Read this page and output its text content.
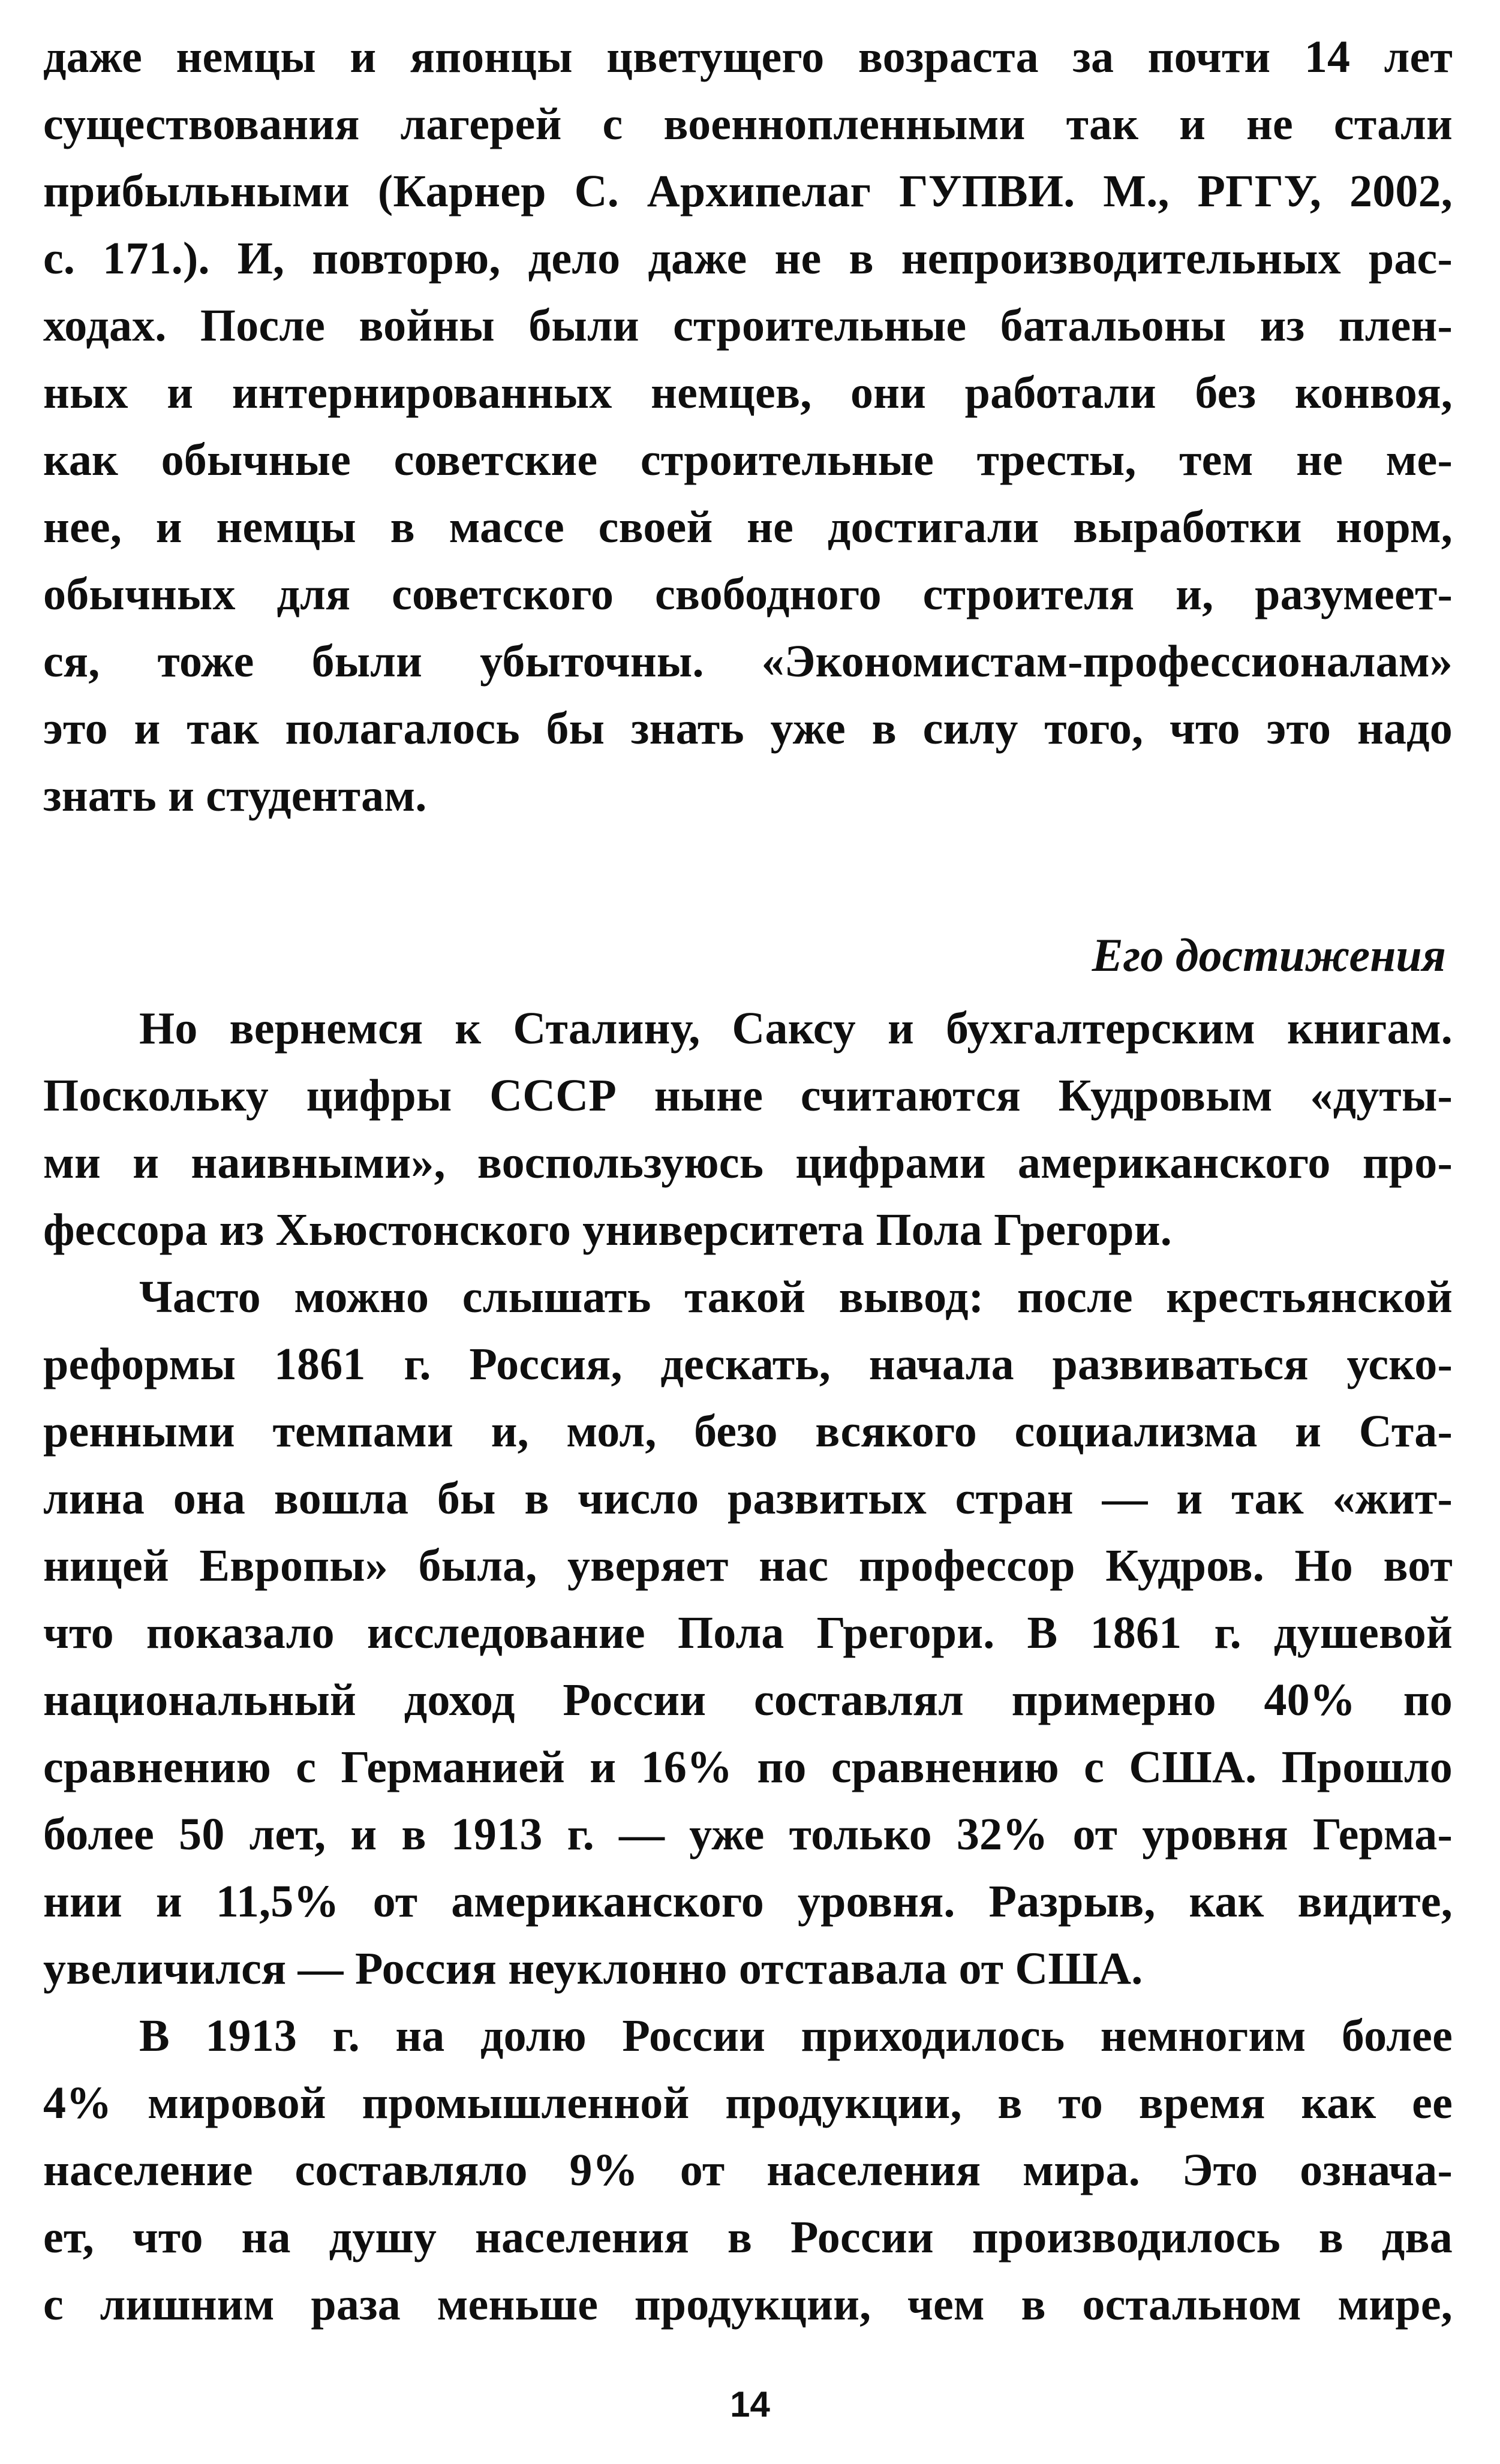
даже немцы и японцы цветущего возраста за почти 14 лет
существования лагерей с военнопленными так и не стали
прибыльными (Карнер С. Архипелаг ГУПВИ. М., РГГУ, 2002,
с. 171.). И, повторю, дело даже не в непроизводительных рас-
ходах. После войны были строительные батальоны из плен-
ных и интернированных немцев, они работали без конвоя,
как обычные советские строительные тресты, тем не ме-
нее, и немцы в массе своей не достигали выработки норм,
обычных для советского свободного строителя и, разумеет-
ся, тоже были убыточны. «Экономистам-профессионалам»
это и так полагалось бы знать уже в силу того, что это надо
знать и студентам.
Его достижения
Но вернемся к Сталину, Саксу и бухгалтерским книгам.
Поскольку цифры СССР ныне считаются Кудровым «дуты-
ми и наивными», воспользуюсь цифрами американского про-
фессора из Хьюстонского университета Пола Грегори.
Часто можно слышать такой вывод: после крестьянской
реформы 1861 г. Россия, дескать, начала развиваться уско-
ренными темпами и, мол, безо всякого социализма и Ста-
лина она вошла бы в число развитых стран — и так «жит-
ницей Европы» была, уверяет нас профессор Кудров. Но вот
что показало исследование Пола Грегори. В 1861 г. душевой
национальный доход России составлял примерно 40% по
сравнению с Германией и 16% по сравнению с США. Прошло
более 50 лет, и в 1913 г. — уже только 32% от уровня Герма-
нии и 11,5% от американского уровня. Разрыв, как видите,
увеличился — Россия неуклонно отставала от США.
В 1913 г. на долю России приходилось немногим более
4% мировой промышленной продукции, в то время как ее
население составляло 9% от населения мира. Это означа-
ет, что на душу населения в России производилось в два
с лишним раза меньше продукции, чем в остальном мире,
14
